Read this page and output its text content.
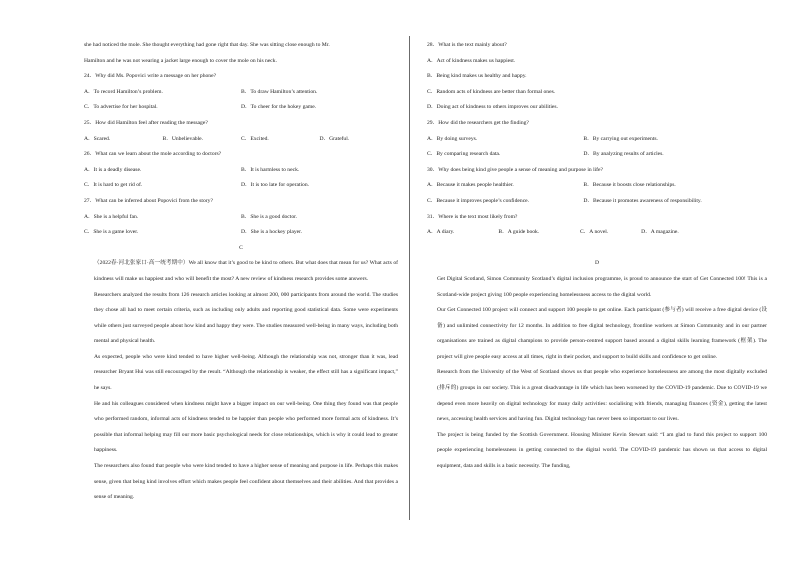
she had noticed the mole. She thought everything had gone right that day. She was sitting close enough to Mr.
Hamilton and he was not wearing a jacket large enough to cover the mole on his neck.
24．Why did Ms. Popovici write a message on her phone?
A．To record Hamilton’s problem.	B．To draw Hamilton’s attention.
C．To advertise for her hospital.	D．To cheer for the hokey game.
25．How did Hamilton feel after reading the message?
A．Scared.	B．Unbelievable.	C．Excited.	D．Grateful.
26．What can we learn about the mole according to doctors?
A．It is a deadly disease.	B．It is harmless to neck.
C．It is hard to get rid of.	D．It is too late for operation.
27．What can be inferred about Popovici from the story?
A．She is a helpful fan.	B．She is a good doctor.
C．She is a game lover.	D．She is a hockey player.
C

（2022春·河北张家口·高一统考期中）We all know that it’s good to be kind to others. But what does that mean for us? What acts of kindness will make us happiest and who will benefit the most? A new review of kindness research provides some answers.

Researchers analyzed the results from 126 research articles looking at almost 200, 000 participants from around the world. The studies they chose all had to meet certain criteria, such as including only adults and reporting good statistical data. Some were experiments while others just surveyed people about how kind and happy they were. The studies measured well-being in many ways, including both mental and physical health.

As expected, people who were kind tended to have higher well-being. Although the relationship was not, stronger than it was, lead researcher Bryant Hui was still encouraged by the result. “Although the relationship is weaker, the effect still has a significant impact,” he says.

He and his colleagues considered when kindness might have a bigger impact on our well-being. One thing they found was that people who performed random, informal acts of kindness tended to be happier than people who performed more formal acts of kindness. It’s possible that informal helping may fill our more basic psychological needs for close relationships, which is why it could lead to greater happiness.

The researchers also found that people who were kind tended to have a higher sense of meaning and purpose in life. Perhaps this makes sense, given that being kind involves effort which makes people feel confident about themselves and their abilities. And that provides a sense of meaning.

28．What is the text mainly about?
A．Act of kindness makes us happiest.
B．Being kind makes us healthy and happy.
C．Random acts of kindness are better than formal ones.
D．Doing act of kindness to others improves our abilities.
29．How did the researchers get the finding?
A．By doing surveys.	B．By carrying out experiments.
C．By comparing research data.	D．By analyzing results of articles.
30．Why does being kind give people a sense of meaning and purpose in life?
A．Because it makes people healthier.	B．Because it boosts close relationships.
C．Because it improves people’s confidence.	D．Because it promotes awareness of responsibility.
31．Where is the text most likely from?
A．A diary.	B．A guide book.	C．A novel.	D．A magazine.
D

Get Digital Scotland, Simon Community Scotland’s digital inclusion programme, is proud to announce the start of Get Connected 100! This is a Scotland-wide project giving 100 people experiencing homelessness access to the digital world.

Our Get Connected 100 project will connect and support 100 people to get online. Each participant (参与者) will receive a free digital device (设备) and unlimited connectivity for 12 months. In addition to free digital technology, frontline workers at Simon Community and in our partner organisations are trained as digital champions to provide person-centred support based around a digital skills learning framework (框架). The project will give people easy access at all times, right in their pocket, and support to build skills and confidence to get online.

Research from the University of the West of Scotland shows us that people who experience homelessness are among the most digitally excluded (排斥的) groups in our society. This is a great disadvantage in life which has been worsened by the COVID-19 pandemic. Due to COVID-19 we depend even more heavily on digital technology for many daily activities: socialising with friends, managing finances (资金), getting the latest news, accessing health services and having fun. Digital technology has never been so important to our lives.

The project is being funded by the Scottish Government. Housing Minister Kevin Stewart said: “I am glad to fund this project to support 100 people experiencing homelessness in getting connected to the digital world. The COVID-19 pandemic has shown us that access to digital equipment, data and skills is a basic necessity. The funding,
